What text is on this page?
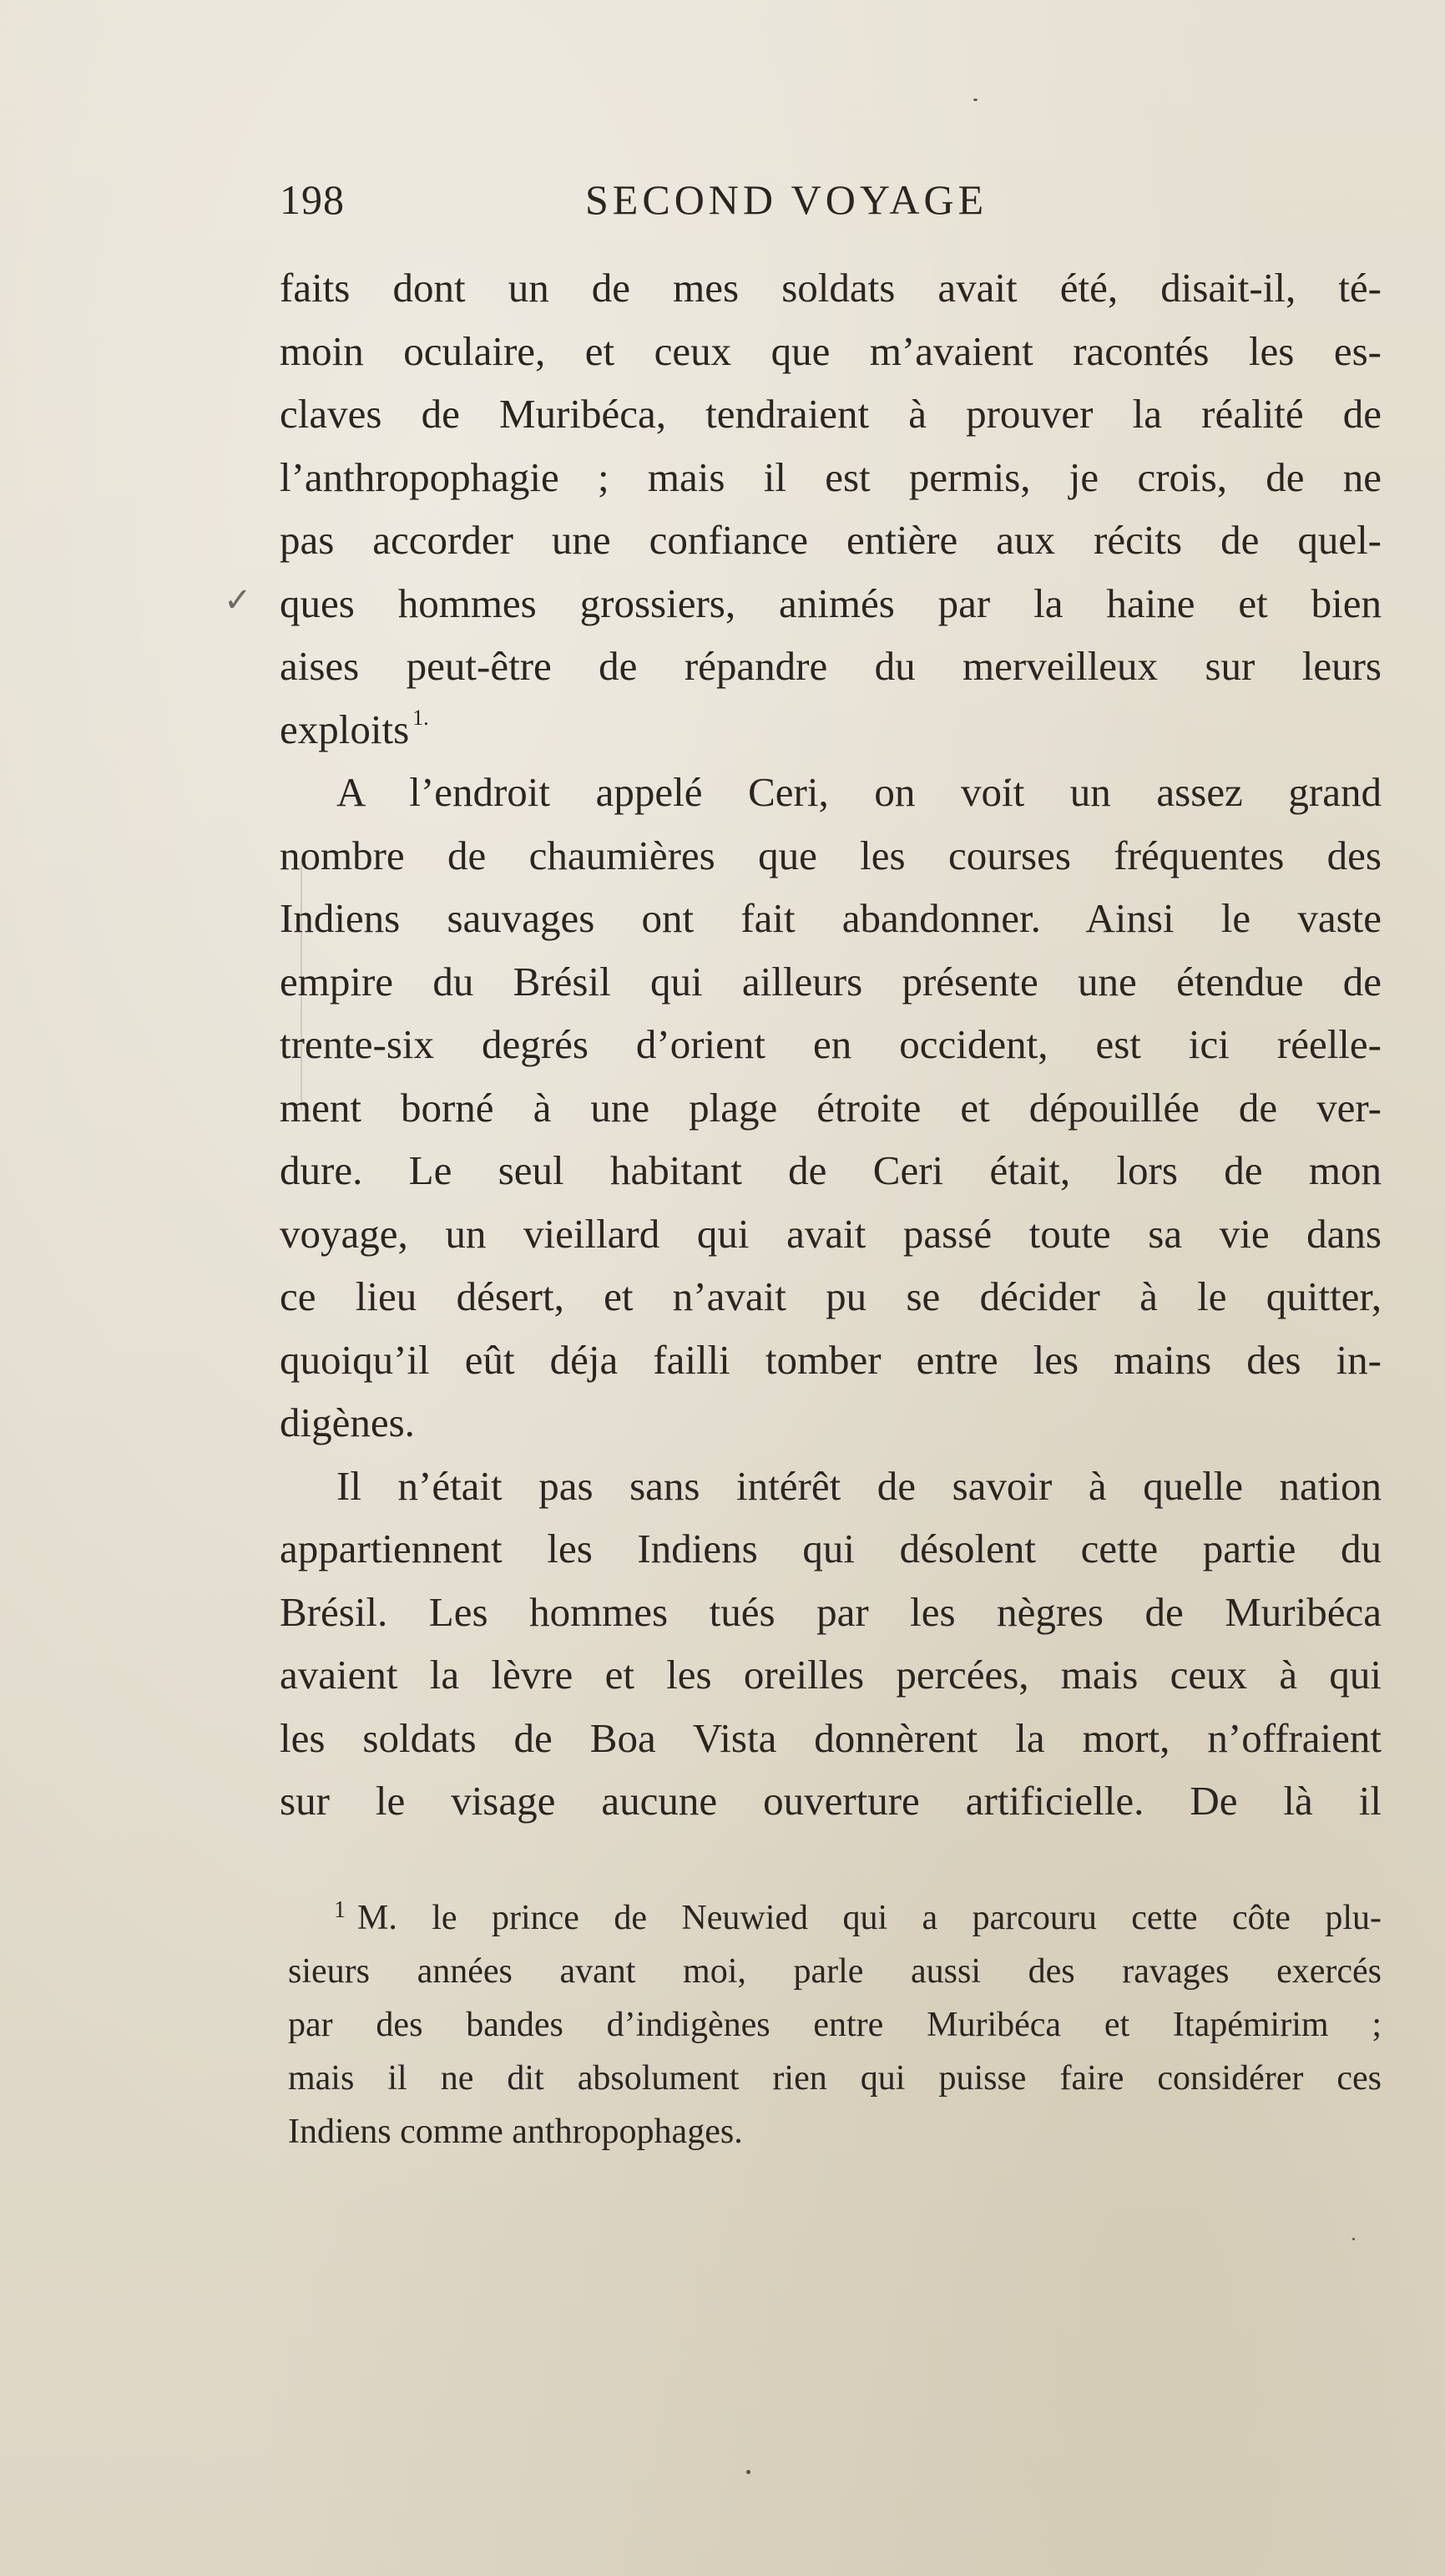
✓
198	SECOND VOYAGE
faits dont un de mes soldats avait été, disait-il, té-
moin oculaire, et ceux que m’avaient racontés les es-
claves de Muribéca, tendraient à prouver la réalité de
l’anthropophagie ; mais il est permis, je crois, de ne
pas accorder une confiance entière aux récits de quel-
ques hommes grossiers, animés par la haine et bien
aises peut-être de répandre du merveilleux sur leurs
exploits $^{1.}$
A l’endroit appelé Ceri, on voit un assez grand
nombre de chaumières que les courses fréquentes des
Indiens sauvages ont fait abandonner. Ainsi le vaste
empire du Brésil qui ailleurs présente une étendue de
trente-six degrés d’orient en occident, est ici réelle-
ment borné à une plage étroite et dépouillée de ver-
dure. Le seul habitant de Ceri était, lors de mon
voyage, un vieillard qui avait passé toute sa vie dans
ce lieu désert, et n’avait pu se décider à le quitter,
quoiqu’il eût déja failli tomber entre les mains des in-
digènes.
Il n’était pas sans intérêt de savoir à quelle nation
appartiennent les Indiens qui désolent cette partie du
Brésil. Les hommes tués par les nègres de Muribéca
avaient la lèvre et les oreilles percées, mais ceux à qui
les soldats de Boa Vista donnèrent la mort, n’offraient
sur le visage aucune ouverture artificielle. De là il
$^1$ M. le prince de Neuwied qui a parcouru cette côte plu-
sieurs années avant moi, parle aussi des ravages exercés
par des bandes d’indigènes entre Muribéca et Itapémirim ;
mais il ne dit absolument rien qui puisse faire considérer ces
Indiens comme anthropophages.
